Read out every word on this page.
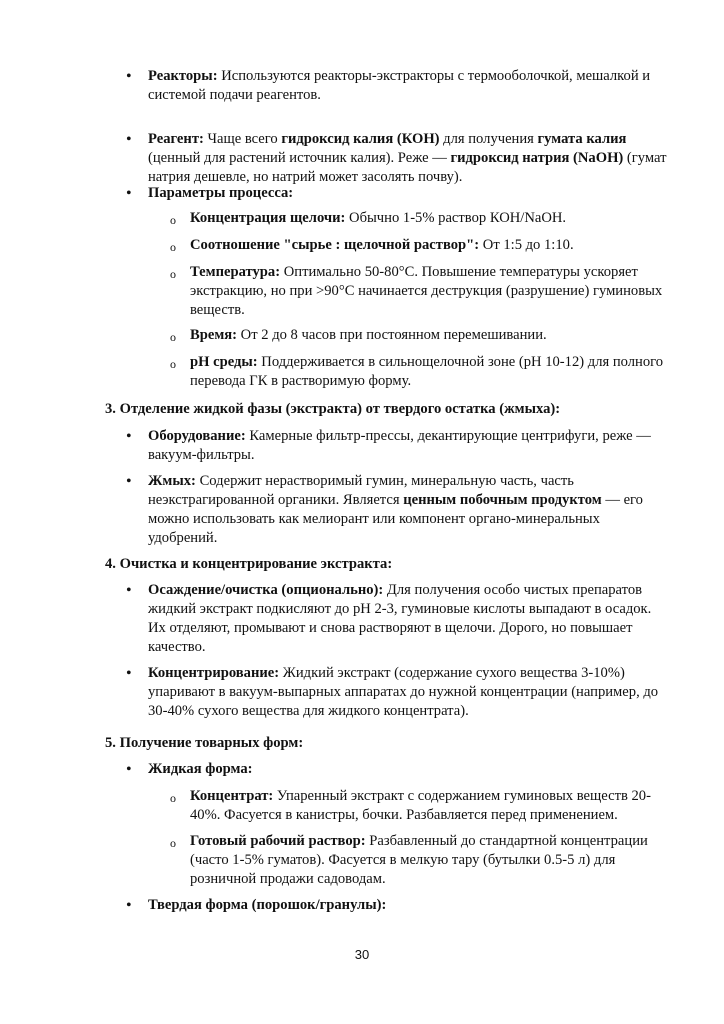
• Реакторы: Используются реакторы-экстракторы с термооболочкой, мешалкой и системой подачи реагентов.
• Реагент: Чаще всего гидроксид калия (КОН) для получения гумата калия (ценный для растений источник калия). Реже — гидроксид натрия (NaOH) (гумат натрия дешевле, но натрий может засолять почву).
• Параметры процесса:
o Концентрация щелочи: Обычно 1-5% раствор КОН/NaOH.
o Соотношение "сырье : щелочной раствор": От 1:5 до 1:10.
o Температура: Оптимально 50-80°С. Повышение температуры ускоряет экстракцию, но при >90°С начинается деструкция (разрушение) гуминовых веществ.
o Время: От 2 до 8 часов при постоянном перемешивании.
o pH среды: Поддерживается в сильнощелочной зоне (pH 10-12) для полного перевода ГК в растворимую форму.
3. Отделение жидкой фазы (экстракта) от твердого остатка (жмыха):
• Оборудование: Камерные фильтр-прессы, декантирующие центрифуги, реже — вакуум-фильтры.
• Жмых: Содержит нерастворимый гумин, минеральную часть, часть неэкстрагированной органики. Является ценным побочным продуктом — его можно использовать как мелиорант или компонент органо-минеральных удобрений.
4. Очистка и концентрирование экстракта:
• Осаждение/очистка (опционально): Для получения особо чистых препаратов жидкий экстракт подкисляют до pH 2-3, гуминовые кислоты выпадают в осадок. Их отделяют, промывают и снова растворяют в щелочи. Дорого, но повышает качество.
• Концентрирование: Жидкий экстракт (содержание сухого вещества 3-10%) упаривают в вакуум-выпарных аппаратах до нужной концентрации (например, до 30-40% сухого вещества для жидкого концентрата).
5. Получение товарных форм:
• Жидкая форма:
o Концентрат: Упаренный экстракт с содержанием гуминовых веществ 20-40%. Фасуется в канистры, бочки. Разбавляется перед применением.
o Готовый рабочий раствор: Разбавленный до стандартной концентрации (часто 1-5% гуматов). Фасуется в мелкую тару (бутылки 0.5-5 л) для розничной продажи садоводам.
• Твердая форма (порошок/гранулы):
30
